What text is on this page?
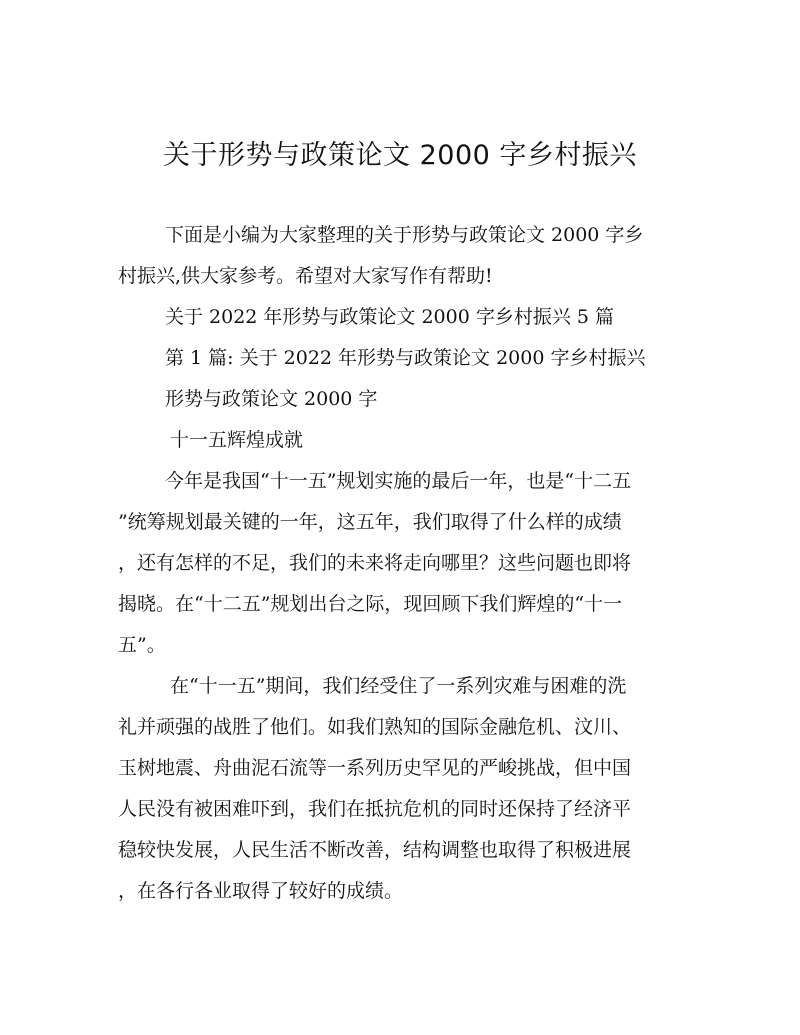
关于形势与政策论文 2000 字乡村振兴
下面是小编为大家整理的关于形势与政策论文 2000 字乡
村振兴,供大家参考。希望对大家写作有帮助!
关于 2022 年形势与政策论文 2000 字乡村振兴 5 篇
第 1 篇: 关于 2022 年形势与政策论文 2000 字乡村振兴
形势与政策论文 2000 字
十一五辉煌成就
今年是我国“十一五”规划实施的最后一年，也是“十二五
”统筹规划最关键的一年，这五年，我们取得了什么样的成绩
，还有怎样的不足，我们的未来将走向哪里？这些问题也即将
揭晓。在“十二五”规划出台之际，现回顾下我们辉煌的“十一
五”。
在“十一五”期间，我们经受住了一系列灾难与困难的洗
礼并顽强的战胜了他们。如我们熟知的国际金融危机、汶川、
玉树地震、舟曲泥石流等一系列历史罕见的严峻挑战，但中国
人民没有被困难吓到，我们在抵抗危机的同时还保持了经济平
稳较快发展，人民生活不断改善，结构调整也取得了积极进展
，在各行各业取得了较好的成绩。
